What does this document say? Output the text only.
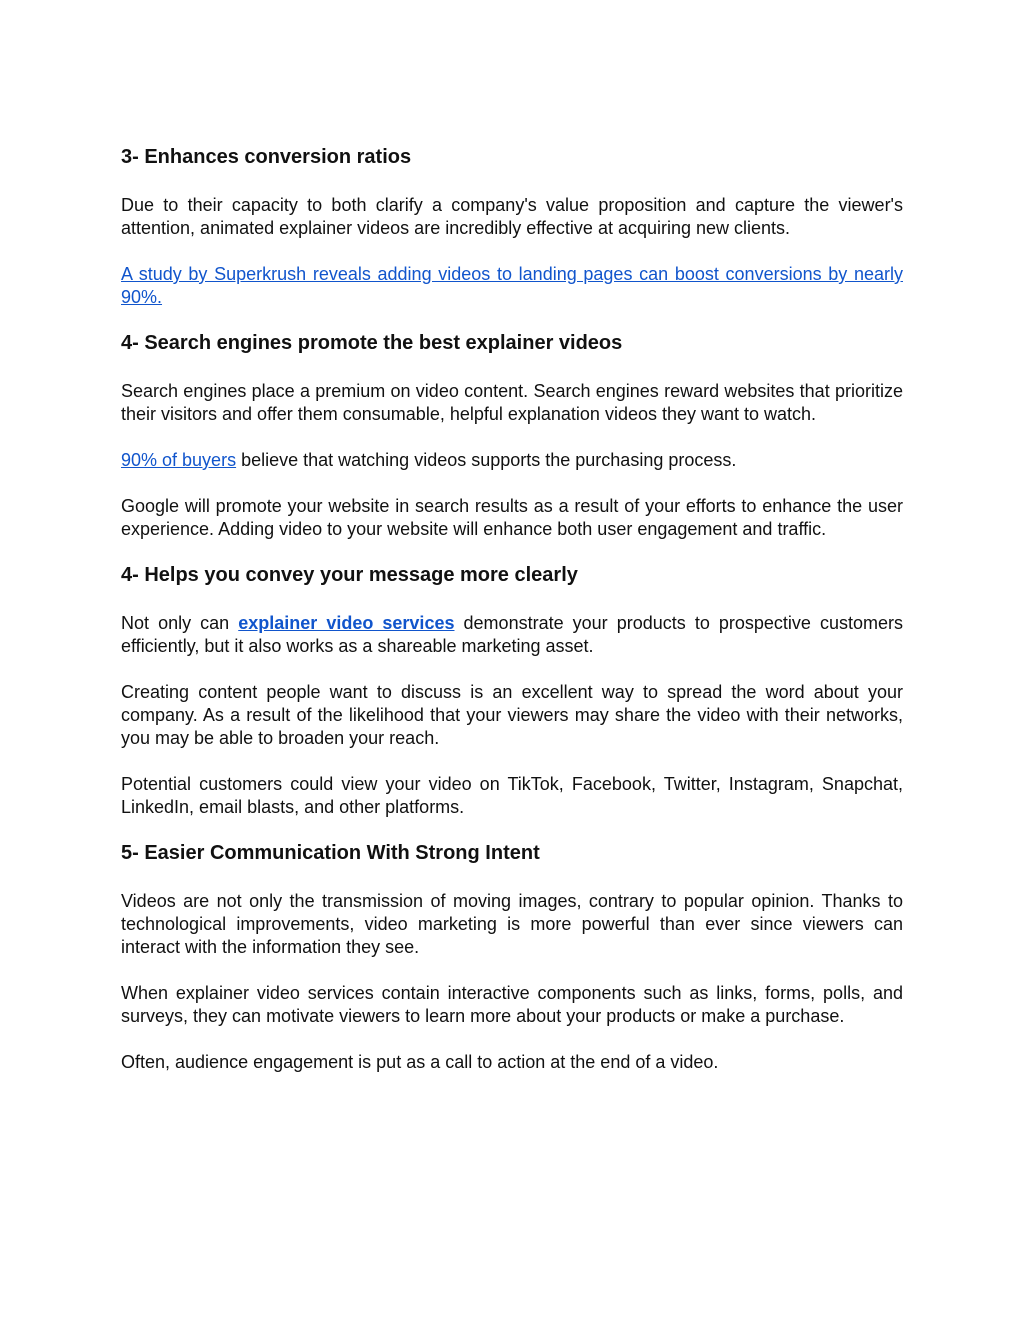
3- Enhances conversion ratios

Due to their capacity to both clarify a company's value proposition and capture the viewer's attention, animated explainer videos are incredibly effective at acquiring new clients.

A study by Superkrush reveals adding videos to landing pages can boost conversions by nearly 90%.

4- Search engines promote the best explainer videos

Search engines place a premium on video content. Search engines reward websites that prioritize their visitors and offer them consumable, helpful explanation videos they want to watch.

90% of buyers believe that watching videos supports the purchasing process.

Google will promote your website in search results as a result of your efforts to enhance the user experience. Adding video to your website will enhance both user engagement and traffic.

4- Helps you convey your message more clearly

Not only can explainer video services demonstrate your products to prospective customers efficiently, but it also works as a shareable marketing asset.

Creating content people want to discuss is an excellent way to spread the word about your company. As a result of the likelihood that your viewers may share the video with their networks, you may be able to broaden your reach.

Potential customers could view your video on TikTok, Facebook, Twitter, Instagram, Snapchat, LinkedIn, email blasts, and other platforms.

5- Easier Communication With Strong Intent

Videos are not only the transmission of moving images, contrary to popular opinion. Thanks to technological improvements, video marketing is more powerful than ever since viewers can interact with the information they see.

When explainer video services contain interactive components such as links, forms, polls, and surveys, they can motivate viewers to learn more about your products or make a purchase.

Often, audience engagement is put as a call to action at the end of a video.
